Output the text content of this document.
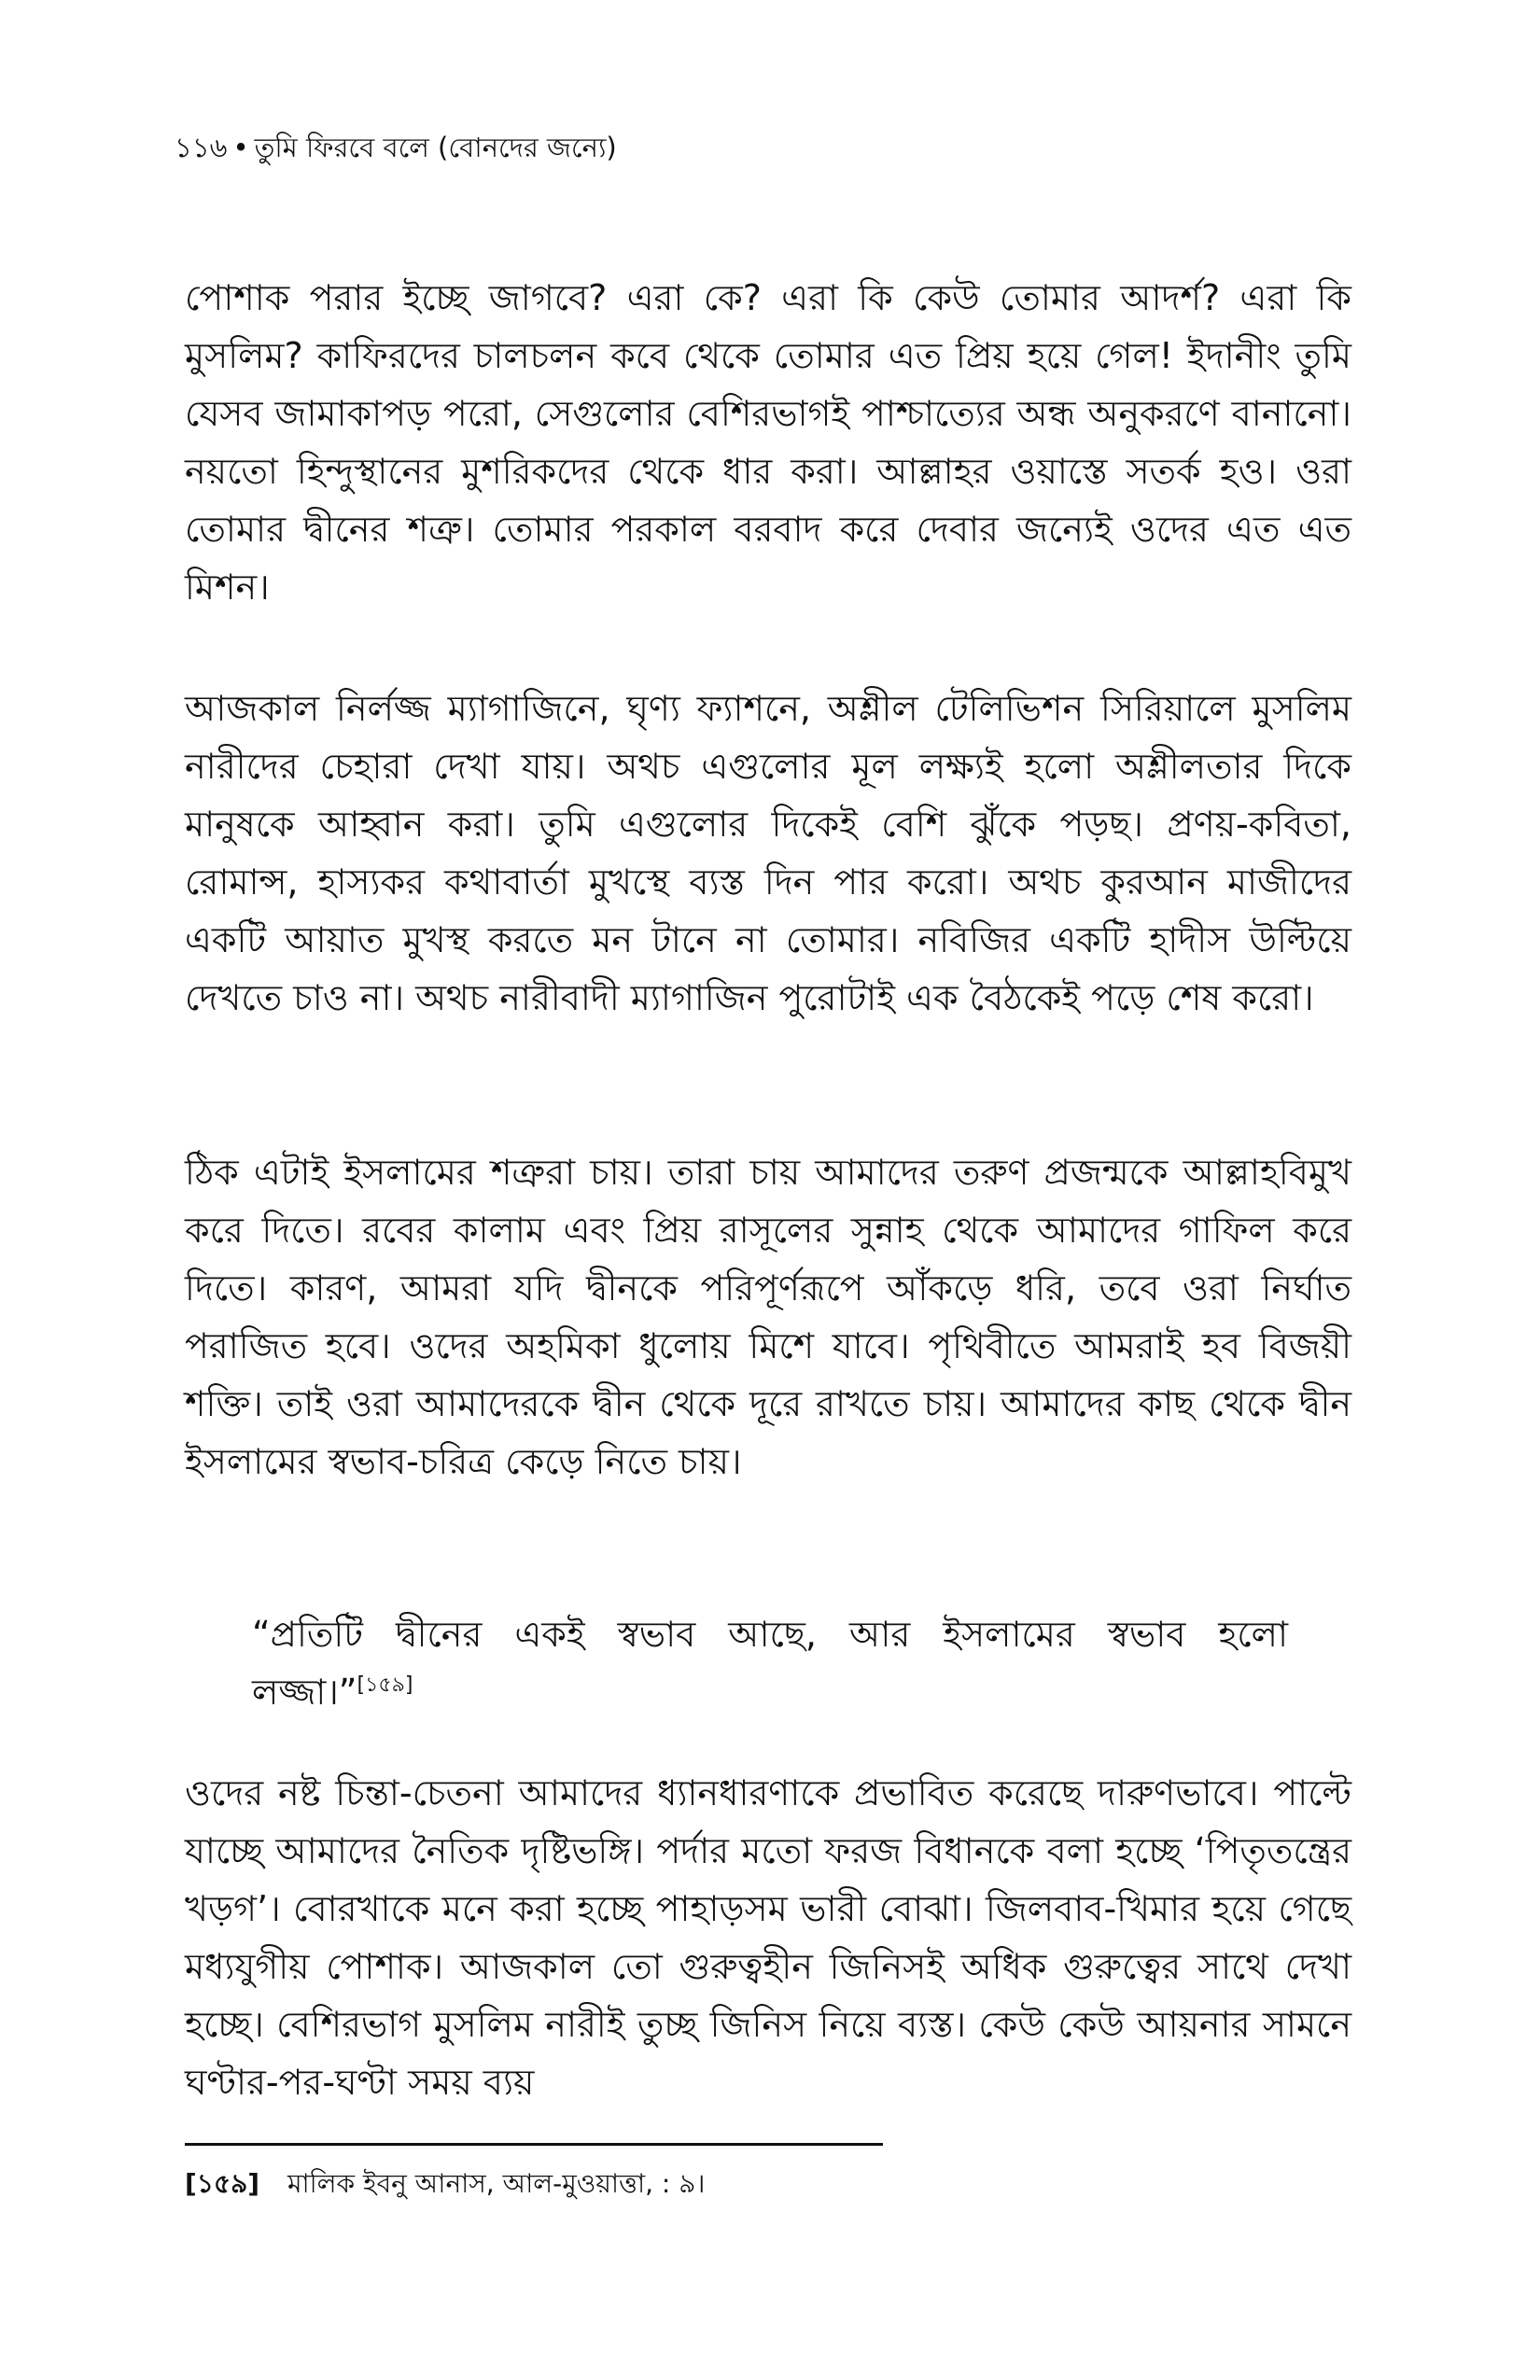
১১৬ • তুমি ফিরবে বলে (বোনদের জন্যে)

পোশাক পরার ইচ্ছে জাগবে? এরা কে? এরা কি কেউ তোমার আদর্শ? এরা কি মুসলিম? কাফিরদের চালচলন কবে থেকে তোমার এত প্রিয় হয়ে গেল! ইদানীং তুমি যেসব জামাকাপড় পরো, সেগুলোর বেশিরভাগই পাশ্চাত্যের অন্ধ অনুকরণে বানানো। নয়তো হিন্দুস্থানের মুশরিকদের থেকে ধার করা। আল্লাহর ওয়াস্তে সতর্ক হও। ওরা তোমার দ্বীনের শত্রু। তোমার পরকাল বরবাদ করে দেবার জন্যেই ওদের এত এত মিশন।

আজকাল নির্লজ্জ ম্যাগাজিনে, ঘৃণ্য ফ্যাশনে, অশ্লীল টেলিভিশন সিরিয়ালে মুসলিম নারীদের চেহারা দেখা যায়। অথচ এগুলোর মূল লক্ষ্যই হলো অশ্লীলতার দিকে মানুষকে আহ্বান করা। তুমি এগুলোর দিকেই বেশি ঝুঁকে পড়ছ। প্রণয়-কবিতা, রোমান্স, হাস্যকর কথাবার্তা মুখস্থে ব্যস্ত দিন পার করো। অথচ কুরআন মাজীদের একটি আয়াত মুখস্থ করতে মন টানে না তোমার। নবিজির একটি হাদীস উল্টিয়ে দেখতে চাও না। অথচ নারীবাদী ম্যাগাজিন পুরোটাই এক বৈঠকেই পড়ে শেষ করো।

ঠিক এটাই ইসলামের শত্রুরা চায়। তারা চায় আমাদের তরুণ প্রজন্মকে আল্লাহবিমুখ করে দিতে। রবের কালাম এবং প্রিয় রাসূলের সুন্নাহ থেকে আমাদের গাফিল করে দিতে। কারণ, আমরা যদি দ্বীনকে পরিপূর্ণরূপে আঁকড়ে ধরি, তবে ওরা নির্ঘাত পরাজিত হবে। ওদের অহমিকা ধুলোয় মিশে যাবে। পৃথিবীতে আমরাই হব বিজয়ী শক্তি। তাই ওরা আমাদেরকে দ্বীন থেকে দূরে রাখতে চায়। আমাদের কাছ থেকে দ্বীন ইসলামের স্বভাব-চরিত্র কেড়ে নিতে চায়।

“প্রতিটি দ্বীনের একই স্বভাব আছে, আর ইসলামের স্বভাব হলো লজ্জা।”[১৫৯]

ওদের নষ্ট চিন্তা-চেতনা আমাদের ধ্যানধারণাকে প্রভাবিত করেছে দারুণভাবে। পাল্টে যাচ্ছে আমাদের নৈতিক দৃষ্টিভঙ্গি। পর্দার মতো ফরজ বিধানকে বলা হচ্ছে ‘পিতৃতন্ত্রের খড়গ’। বোরখাকে মনে করা হচ্ছে পাহাড়সম ভারী বোঝা। জিলবাব-খিমার হয়ে গেছে মধ্যযুগীয় পোশাক। আজকাল তো গুরুত্বহীন জিনিসই অধিক গুরুত্বের সাথে দেখা হচ্ছে। বেশিরভাগ মুসলিম নারীই তুচ্ছ জিনিস নিয়ে ব্যস্ত। কেউ কেউ আয়নার সামনে ঘণ্টার-পর-ঘণ্টা সময় ব্যয়

[১৫৯] মালিক ইবনু আনাস, আল-মুওয়াত্তা, : ৯।
